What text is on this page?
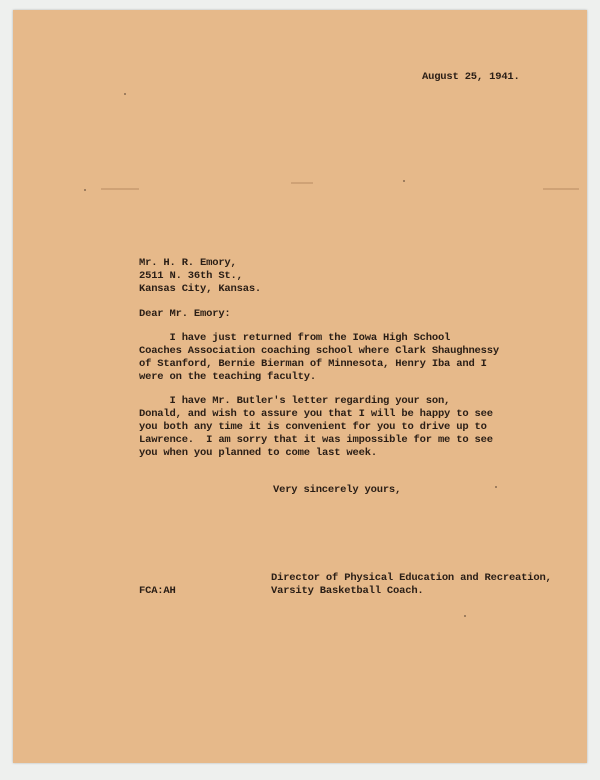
August 25, 1941.
Mr. H. R. Emory,
2511 N. 36th St.,
Kansas City, Kansas.
Dear Mr. Emory:
I have just returned from the Iowa High School
Coaches Association coaching school where Clark Shaughnessy
of Stanford, Bernie Bierman of Minnesota, Henry Iba and I
were on the teaching faculty.
I have Mr. Butler's letter regarding your son,
Donald, and wish to assure you that I will be happy to see
you both any time it is convenient for you to drive up to
Lawrence.  I am sorry that it was impossible for me to see
you when you planned to come last week.
Very sincerely yours,
FCA:AH
Director of Physical Education and Recreation,
Varsity Basketball Coach.
